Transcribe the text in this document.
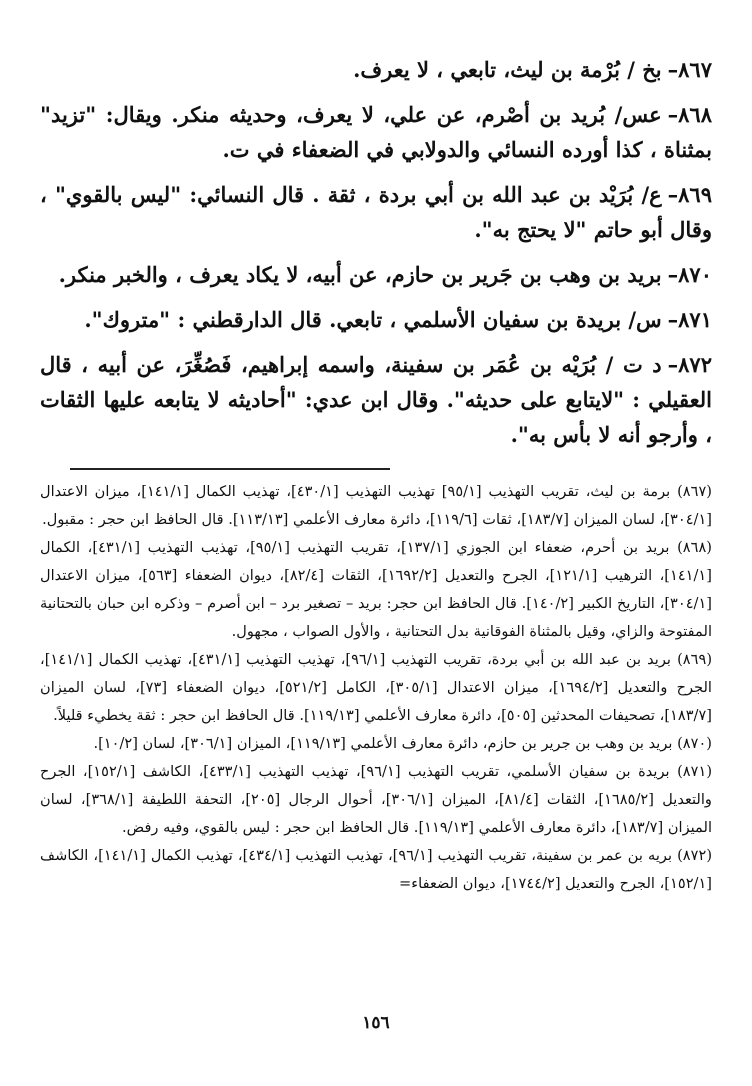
٨٦٧–بخ / بُرْمة بن ليث، تابعي ، لا يعرف.

٨٦٨–عس/ بُريد بن أصْرم، عن علي، لا يعرف، وحديثه منكر. ويقال: "تزيد" بمثناة ، كذا أورده النسائي والدولابي في الضعفاء في ت.

٨٦٩–ع/ بُرَيْد بن عبد الله بن أبي بردة ، ثقة . قال النسائي: "ليس بالقوي" ، وقال أبو حاتم "لا يحتج به".

٨٧٠–بريد بن وهب بن جَرير بن حازم، عن أبيه، لا يكاد يعرف ، والخبر منكر.

٨٧١–س/ بريدة بن سفيان الأسلمي ، تابعي. قال الدارقطني : "متروك".

٨٧٢–د ت / بُرَيْه بن عُمَر بن سفينة، واسمه إبراهيم، فَصُغِّرَ، عن أبيه ، قال العقيلي : "لايتابع على حديثه". وقال ابن عدي: "أحاديثه لا يتابعه عليها الثقات ، وأرجو أنه لا بأس به".

(٨٦٧) برمة بن ليث، تقريب التهذيب [٩٥/١] تهذيب التهذيب [٤٣٠/١]، تهذيب الكمال [١٤١/١]، ميزان الاعتدال [٣٠٤/١]، لسان الميزان [١٨٣/٧]، ثقات [١١٩/٦]، دائرة معارف الأعلمي [١١٣/١٣]. قال الحافظ ابن حجر : مقبول.

(٨٦٨) بريد بن أحرم، ضعفاء ابن الجوزي [١٣٧/١]، تقريب التهذيب [٩٥/١]، تهذيب التهذيب [٤٣١/١]، الكمال [١٤١/١]، الترهيب [١٢١/١]، الجرح والتعديل [١٦٩٢/٢]، الثقات [٨٢/٤]، ديوان الضعفاء [٥٦٣]، ميزان الاعتدال [٣٠٤/١]، التاريخ الكبير [١٤٠/٢]. قال الحافظ ابن حجر: بريد – تصغير برد – ابن أصرم – وذكره ابن حبان بالتحتانية المفتوحة والزاي، وقيل بالمثناة الفوقانية بدل التحتانية ، والأول الصواب ، مجهول.

(٨٦٩) بريد بن عبد الله بن أبي بردة، تقريب التهذيب [٩٦/١]، تهذيب التهذيب [٤٣١/١]، تهذيب الكمال [١٤١/١]، الجرح والتعديل [١٦٩٤/٢]، ميزان الاعتدال [٣٠٥/١]، الكامل [٥٢١/٢]، ديوان الضعفاء [٧٣]، لسان الميزان [١٨٣/٧]، تصحيفات المحدثين [٥٠٥]، دائرة معارف الأعلمي [١١٩/١٣]. قال الحافظ ابن حجر : ثقة يخطيء قليلاً.

(٨٧٠) بريد بن وهب بن جرير بن حازم، دائرة معارف الأعلمي [١١٩/١٣]، الميزان [٣٠٦/١]، لسان [١٠/٢].

(٨٧١) بريدة بن سفيان الأسلمي، تقريب التهذيب [٩٦/١]، تهذيب التهذيب [٤٣٣/١]، الكاشف [١٥٢/١]، الجرح والتعديل [١٦٨٥/٢]، الثقات [٨١/٤]، الميزان [٣٠٦/١]، أحوال الرجال [٢٠٥]، التحفة اللطيفة [٣٦٨/١]، لسان الميزان [١٨٣/٧]، دائرة معارف الأعلمي [١١٩/١٣]. قال الحافظ ابن حجر : ليس بالقوي، وفيه رفض.

(٨٧٢) بريه بن عمر بن سفينة، تقريب التهذيب [٩٦/١]، تهذيب التهذيب [٤٣٤/١]، تهذيب الكمال [١٤١/١]، الكاشف [١٥٢/١]، الجرح والتعديل [١٧٤٤/٢]، ديوان الضعفاء=

١٥٦
